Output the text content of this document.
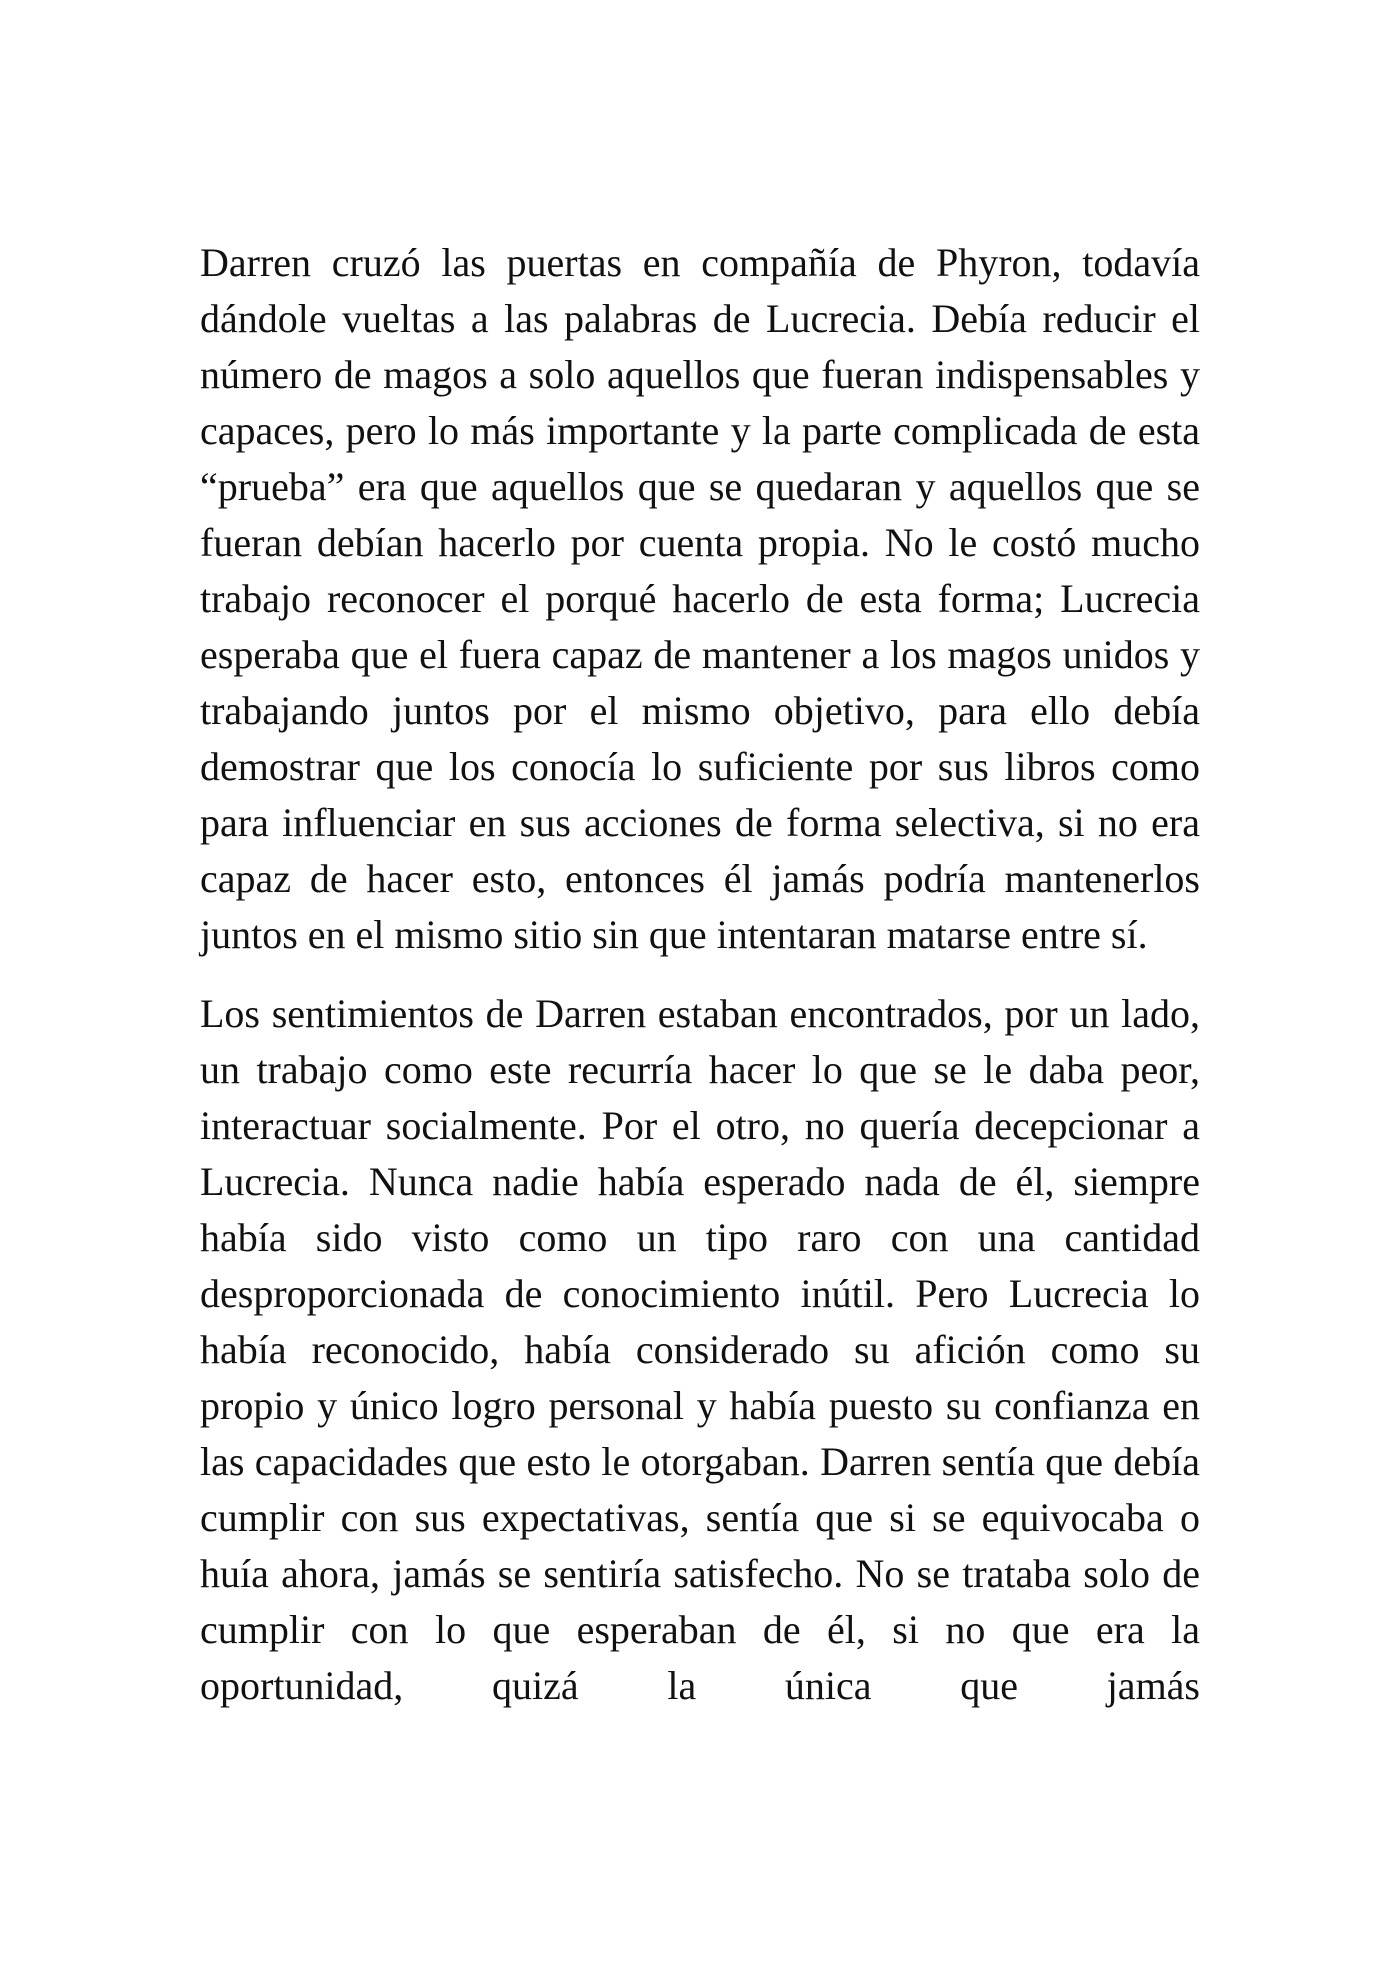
Darren cruzó las puertas en compañía de Phyron, todavía dándole vueltas a las palabras de Lucrecia. Debía reducir el número de magos a solo aquellos que fueran indispensables y capaces, pero lo más importante y la parte complicada de esta “prueba” era que aquellos que se quedaran y aquellos que se fueran debían hacerlo por cuenta propia. No le costó mucho trabajo reconocer el porqué hacerlo de esta forma; Lucrecia esperaba que el fuera capaz de mantener a los magos unidos y trabajando juntos por el mismo objetivo, para ello debía demostrar que los conocía lo suficiente por sus libros como para influenciar en sus acciones de forma selectiva, si no era capaz de hacer esto, entonces él jamás podría mantenerlos juntos en el mismo sitio sin que intentaran matarse entre sí.

Los sentimientos de Darren estaban encontrados, por un lado, un trabajo como este recurría hacer lo que se le daba peor, interactuar socialmente. Por el otro, no quería decepcionar a Lucrecia. Nunca nadie había esperado nada de él, siempre había sido visto como un tipo raro con una cantidad desproporcionada de conocimiento inútil. Pero Lucrecia lo había reconocido, había considerado su afición como su propio y único logro personal y había puesto su confianza en las capacidades que esto le otorgaban. Darren sentía que debía cumplir con sus expectativas, sentía que si se equivocaba o huía ahora, jamás se sentiría satisfecho. No se trataba solo de cumplir con lo que esperaban de él, si no que era la oportunidad, quizá la única que jamás
